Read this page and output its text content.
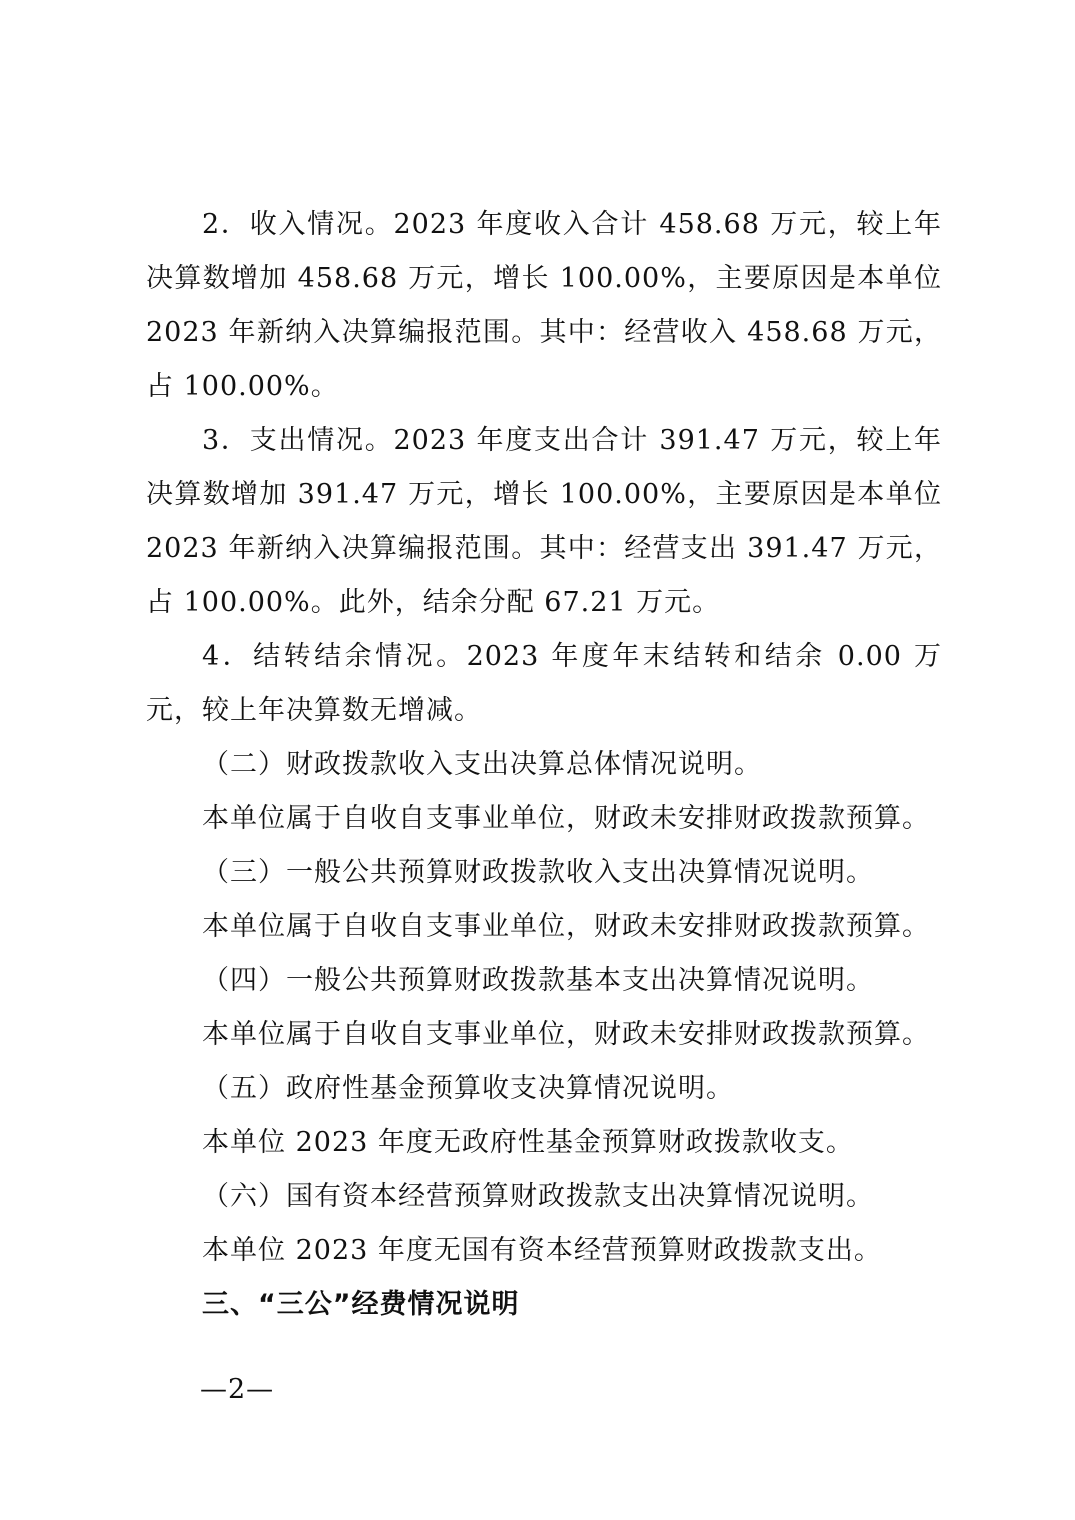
2．收入情况。2023 年度收入合计 458.68 万元，较上年决算数增加 458.68 万元，增长 100.00%，主要原因是本单位 2023 年新纳入决算编报范围。其中：经营收入 458.68 万元，占 100.00%。

3．支出情况。2023 年度支出合计 391.47 万元，较上年决算数增加 391.47 万元，增长 100.00%，主要原因是本单位 2023 年新纳入决算编报范围。其中：经营支出 391.47 万元，占 100.00%。此外，结余分配 67.21 万元。

4．结转结余情况。2023 年度年末结转和结余 0.00 万元，较上年决算数无增减。

（二）财政拨款收入支出决算总体情况说明。

本单位属于自收自支事业单位，财政未安排财政拨款预算。

（三）一般公共预算财政拨款收入支出决算情况说明。

本单位属于自收自支事业单位，财政未安排财政拨款预算。

（四）一般公共预算财政拨款基本支出决算情况说明。

本单位属于自收自支事业单位，财政未安排财政拨款预算。

（五）政府性基金预算收支决算情况说明。

本单位 2023 年度无政府性基金预算财政拨款收支。

（六）国有资本经营预算财政拨款支出决算情况说明。

本单位 2023 年度无国有资本经营预算财政拨款支出。

三、“三公”经费情况说明

—2—
